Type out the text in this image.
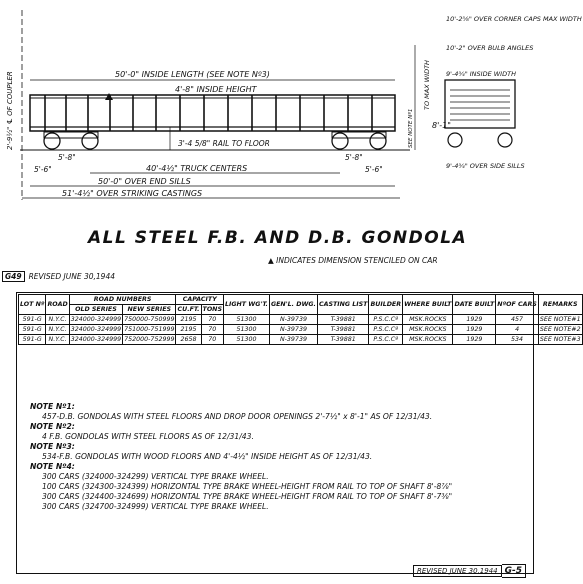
2'-9½" ℄ OF COUPLER	50'-0" INSIDE LENGTH (SEE NOTE Nº3)
4'-8" INSIDE HEIGHT
3'-4 5/8" RAIL TO FLOOR
5'-8"	5'-8"
5'-6"	5'-6"
40'-4½" TRUCK CENTERS
50'-0" OVER END SILLS
51'-4½" OVER STRIKING CASTINGS
TO MAX WIDTH
SEE NOTE Nº1 8'-1"
10'-2⅝" OVER CORNER CAPS MAX WIDTH
10'-2" OVER BULB ANGLES
9'-4¾" INSIDE WIDTH
9'-4¾" OVER SIDE SILLS
ALL STEEL F.B. AND D.B. GONDOLA
▲ INDICATES DIMENSION STENCILED ON CAR
G49 REVISED JUNE 30,1944
LOT Nº	ROAD	ROAD NUMBERS		CAPACITY		LIGHT WG'T.	GEN'L. DWG.	CASTING LIST	BUILDER	WHERE BUILT	DATE BUILT	NºOF CARS	REMARKS
		OLD SERIES	NEW SERIES	CU.FT.	TONS								
591-G	N.Y.C.	324000-324999	750000-750999	2195	70	51300	N-39739	T-39881	P.S.C.Cº	MSK.ROCKS	1929	457	SEE NOTE#1
591-G	N.Y.C.	324000-324999	751000-751999	2195	70	51300	N-39739	T-39881	P.S.C.Cº	MSK.ROCKS	1929	4	SEE NOTE#2
591-G	N.Y.C.	324000-324999	752000-752999	2658	70	51300	N-39739	T-39881	P.S.C.Cº	MSK.ROCKS	1929	534	SEE NOTE#3
NOTE Nº1:
457-D.B. GONDOLAS WITH STEEL FLOORS AND DROP DOOR OPENINGS 2'-7½" x 8'-1" AS OF 12/31/43.
NOTE Nº2:
4 F.B. GONDOLAS WITH STEEL FLOORS AS OF 12/31/43.
NOTE Nº3:
534-F.B. GONDOLAS WITH WOOD FLOORS AND 4'-4½" INSIDE HEIGHT AS OF 12/31/43.
NOTE Nº4:
300 CARS (324000-324299) VERTICAL TYPE BRAKE WHEEL.
100 CARS (324300-324399) HORIZONTAL TYPE BRAKE WHEEL-HEIGHT FROM RAIL TO TOP OF SHAFT 8'-8⅞"
300 CARS (324400-324699) HORIZONTAL TYPE BRAKE WHEEL-HEIGHT FROM RAIL TO TOP OF SHAFT 8'-7⅜"
300 CARS (324700-324999) VERTICAL TYPE BRAKE WHEEL.
REVISED JUNE 30,1944 G-5
